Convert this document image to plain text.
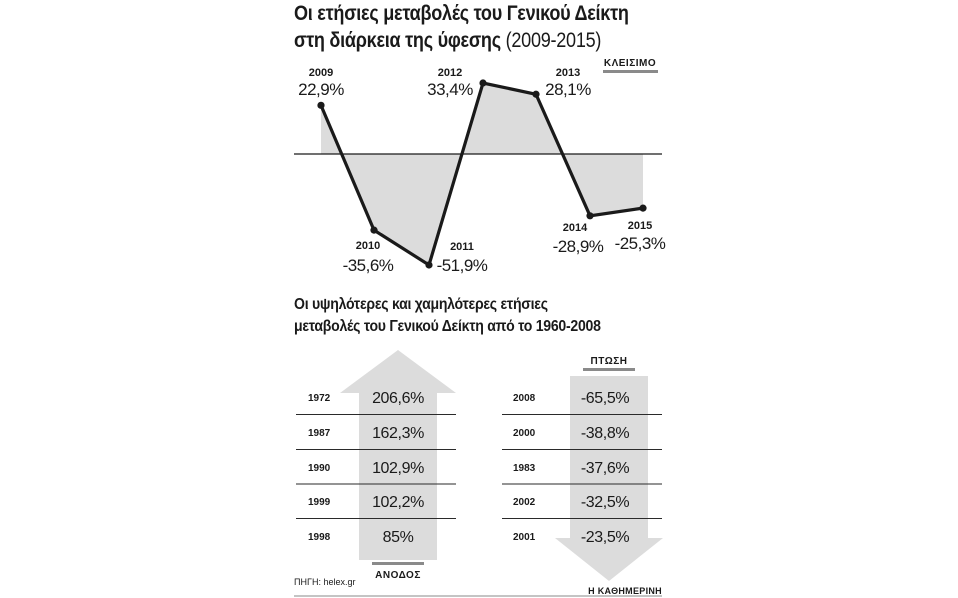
Οι ετήσιες μεταβολές του Γενικού Δείκτη
στη διάρκεια της ύφεσης (2009-2015)
2009
22,9%
2010
-35,6%
2011
-51,9%
2012
33,4%
2013
28,1%
2014
-28,9%
2015
-25,3%
ΚΛΕΙΣΙΜΟ
1972	206,6%
1987	162,3%
1990	102,9%
1999	102,2%
1998	85%
2008	-65,5%
2000	-38,8%
1983	-37,6%
2002	-32,5%
2001	-23,5%
ΠΤΩΣΗ
ΑΝΟΔΟΣ
ΠΗΓΗ: helex.gr
Η ΚΑΘΗΜΕΡΙΝΗ
Οι υψηλότερες και χαμηλότερες ετήσιες
μεταβολές του Γενικού Δείκτη από το 1960-2008
